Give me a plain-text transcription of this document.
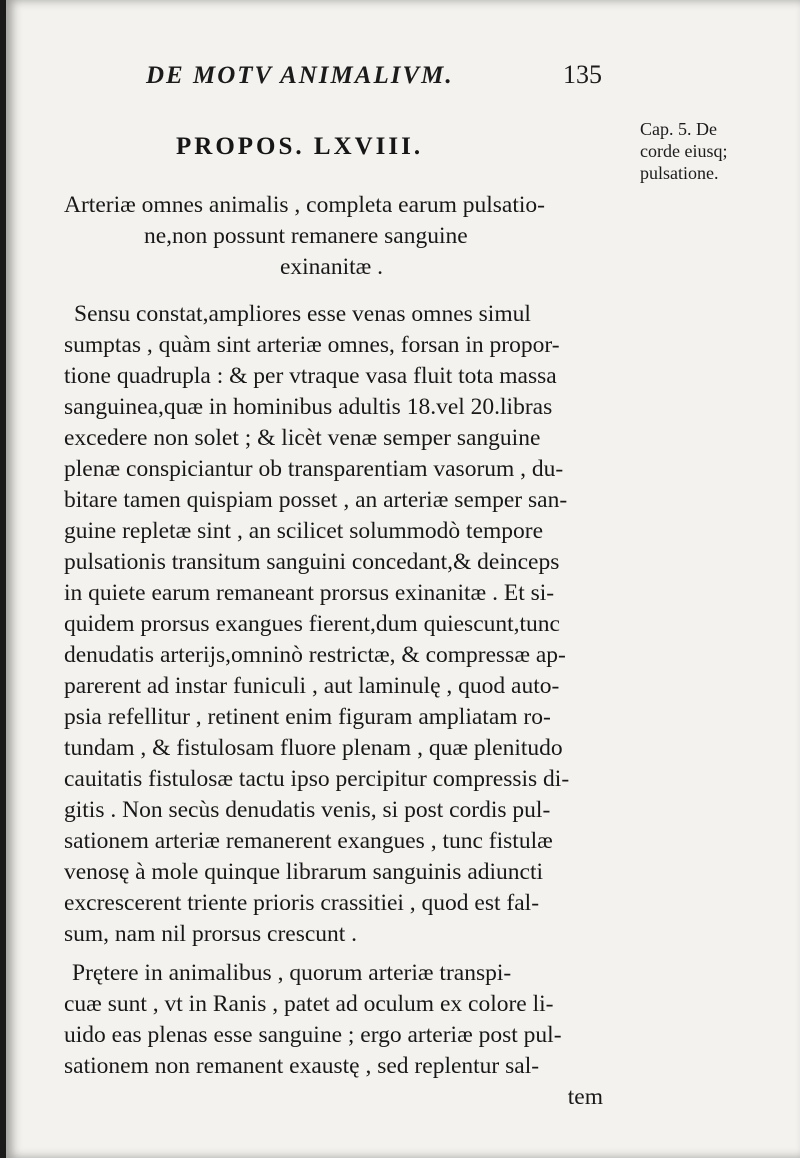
DE MOTV ANIMALIVM.	135
PROPOS. LXVIII.
Cap. 5. De
corde eiusq;
pulsatione.
Arteriæ omnes animalis , completa earum pulsatio-
ne,non possunt remanere sanguine
exinanitæ .
Sensu constat,ampliores esse venas omnes simul
sumptas , quàm sint arteriæ omnes, forsan in propor-
tione quadrupla : & per vtraque vasa fluit tota massa
sanguinea,quæ in hominibus adultis 18.vel 20.libras
excedere non solet ; & licèt venæ semper sanguine
plenæ conspiciantur ob transparentiam vasorum , du-
bitare tamen quispiam posset , an arteriæ semper san-
guine repletæ sint , an scilicet solummodò tempore
pulsationis transitum sanguini concedant,& deinceps
in quiete earum remaneant prorsus exinanitæ . Et si-
quidem prorsus exangues fierent,dum quiescunt,tunc
denudatis arterijs,omninò restrictæ, & compressæ ap-
parerent ad instar funiculi , aut laminulę , quod auto-
psia refellitur , retinent enim figuram ampliatam ro-
tundam , & fistulosam fluore plenam , quæ plenitudo
cauitatis fistulosæ tactu ipso percipitur compressis di-
gitis . Non secùs denudatis venis, si post cordis pul-
sationem arteriæ remanerent exangues , tunc fistulæ
venosę à mole quinque librarum sanguinis adiuncti
excrescerent triente prioris crassitiei , quod est fal-
sum, nam nil prorsus crescunt .
Prętere in animalibus , quorum arteriæ transpi-
cuæ sunt , vt in Ranis , patet ad oculum ex colore li-
uido eas plenas esse sanguine ; ergo arteriæ post pul-
sationem non remanent exaustę , sed replentur sal-
tem
